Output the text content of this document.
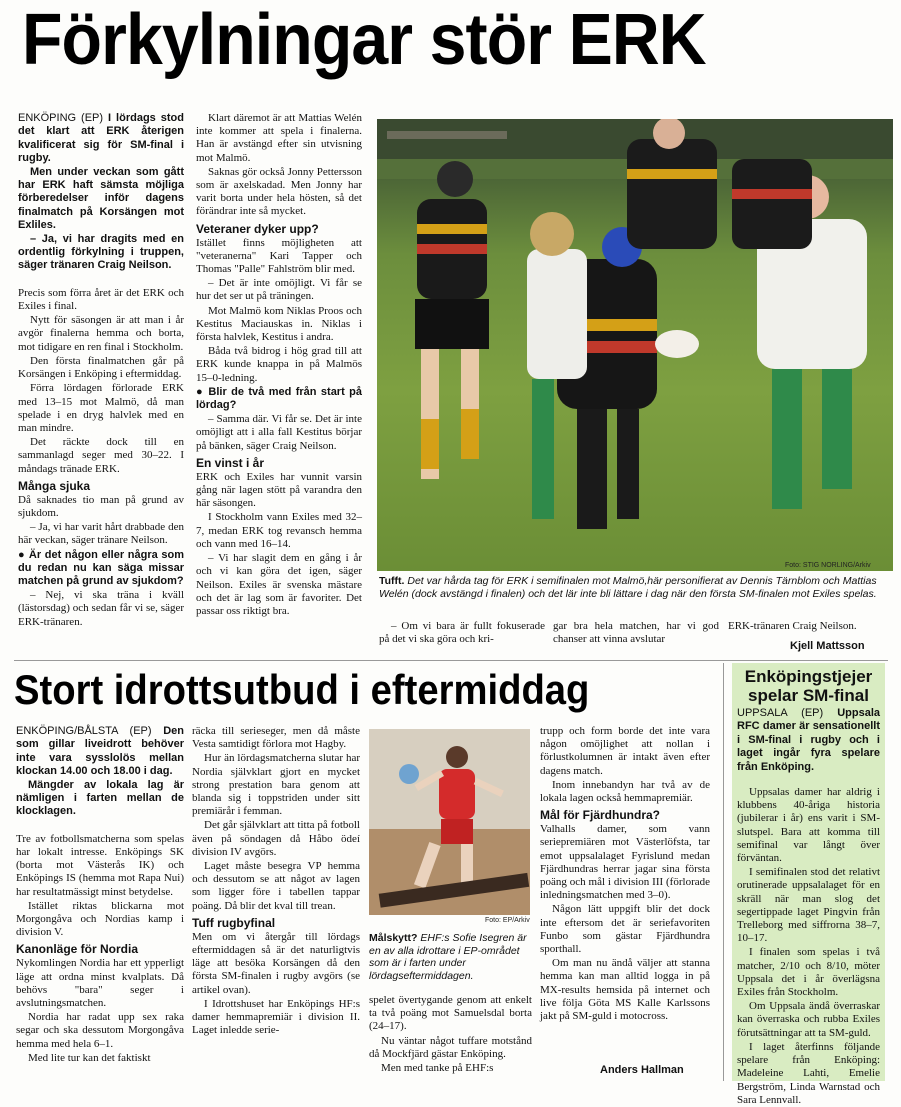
Förkylningar stör ERK
ENKÖPING (EP) I lördags stod det klart att ERK återigen kvalificerat sig för SM-final i rugby.
Men under veckan som gått har ERK haft sämsta möjliga förberedelser inför dagens finalmatch på Korsängen mot Exliles.
– Ja, vi har dragits med en ordentlig förkylning i truppen, säger tränaren Craig Neilson.

Precis som förra året är det ERK och Exiles i final.

Nytt för säsongen är att man i år avgör finalerna hemma och borta, mot tidigare en ren final i Stockholm.

Den första finalmatchen går på Korsängen i Enköping i eftermiddag.

Förra lördagen förlorade ERK med 13–15 mot Malmö, då man spelade i en dryg halvlek med en man mindre.

Det räckte dock till en sammanlagd seger med 30–22. I måndags tränade ERK.

Många sjuka

Då saknades tio man på grund av sjukdom.

– Ja, vi har varit hårt drabbade den här veckan, säger tränare Neilson.

● Är det någon eller några som du redan nu kan säga missar matchen på grund av sjukdom?

– Nej, vi ska träna i kväll (lästorsdag) och sedan får vi se, säger ERK-tränaren.

Klart däremot är att Mattias Welén inte kommer att spela i finalerna. Han är avstängd efter sin utvisning mot Malmö.

Saknas gör också Jonny Pettersson som är axelskadad. Men Jonny har varit borta under hela hösten, så det förändrar inte så mycket.

Veteraner dyker upp?

Istället finns möjligheten att "veteranerna" Kari Tapper och Thomas "Palle" Fahlström blir med.

– Det är inte omöjligt. Vi får se hur det ser ut på träningen.

Mot Malmö kom Niklas Proos och Kestitus Maciauskas in. Niklas i första halvlek, Kestitus i andra.

Båda två bidrog i hög grad till att ERK kunde knappa in på Malmös 15–0-ledning.

● Blir de två med från start på lördag?

– Samma där. Vi får se. Det är inte omöjligt att i alla fall Kestitus börjar på bänken, säger Craig Neilson.

En vinst i år

ERK och Exiles har vunnit varsin gång när lagen stött på varandra den här säsongen.

I Stockholm vann Exiles med 32–7, medan ERK tog revansch hemma och vann med 16–14.

– Vi har slagit dem en gång i år och vi kan göra det igen, säger Neilson. Exiles är svenska mästare och det är lag som är favoriter. Det passar oss riktigt bra.

Foto: STIG NORLING/Arkiv
Tufft. Det var hårda tag för ERK i semifinalen mot Malmö,här personifierat av Dennis Tärnblom och Mattias Welén (dock avstängd i finalen) och det lär inte bli lättare i dag när den första SM-finalen mot Exiles spelas.

– Om vi bara är fullt fokuserade på det vi ska göra och kri-

gar bra hela matchen, har vi god chanser att vinna avslutar

ERK-tränaren Craig Neilson.

Kjell Mattsson
Stort idrottsutbud i eftermiddag
ENKÖPING/BÅLSTA (EP) Den som gillar liveidrott behöver inte vara sysslolös mellan klockan 14.00 och 18.00 i dag.
Mängder av lokala lag är nämligen i farten mellan de klocklagen.

Tre av fotbollsmatcherna som spelas har lokalt intresse. Enköpings SK (borta mot Västerås IK) och Enköpings IS (hemma mot Rapa Nui) har resultatmässigt minst betydelse.

Istället riktas blickarna mot Morgongåva och Nordias kamp i division V.

Kanonläge för Nordia

Nykomlingen Nordia har ett ypperligt läge att ordna minst kvalplats. Då behövs "bara" seger i avslutningsmatchen.

Nordia har radat upp sex raka segar och ska dessutom Morgongåva hemma med hela 6–1.

Med lite tur kan det faktiskt

räcka till serieseger, men då måste Vesta samtidigt förlora mot Hagby.

Hur än lördagsmatcherna slutar har Nordia självklart gjort en mycket strong prestation bara genom att blanda sig i toppstriden under sitt premiärår i femman.

Det går självklart att titta på fotboll även på söndagen då Håbo ödeí division IV avgörs.

Laget måste besegra VP hemma och dessutom se att något av lagen som ligger före i tabellen tappar poäng. Då blir det kval till trean.

Tuff rugbyfinal

Men om vi återgår till lördags eftermiddagen så är det naturligtvis läge att besöka Korsängen då den första SM-finalen i rugby avgörs (se artikel ovan).

I Idrottshuset har Enköpings HF:s damer hemmapremiär i division II. Laget inledde serie-

Foto: EP/Arkiv
Målskytt? EHF:s Sofie Isegren är en av alla idrottare i EP-området som är i farten under lördagseftermiddagen.

spelet övertygande genom att enkelt ta två poäng mot Samuelsdal borta (24–17).

Nu väntar något tuffare motstånd då Mockfjärd gästar Enköping.

Men med tanke på EHF:s

trupp och form borde det inte vara någon omöjlighet att nollan i förlustkolumnen är intakt även efter dagens match.

Inom innebandyn har två av de lokala lagen också hemmapremiär.

Mål för Fjärdhundra?

Valhalls damer, som vann seriepremiären mot Västerlöfsta, tar emot uppsalalaget Fyrislund medan Fjärdhundras herrar jagar sina första poäng och mål i division III (förlorade inledningsmatchen med 3–0).

Någon lätt uppgift blir det dock inte eftersom det är seriefavoriten Funbo som gästar Fjärdhundra sporthall.

Om man nu ändå väljer att stanna hemma kan man alltid logga in på MX-results hemsida på internet och live följa Göta MS Kalle Karlssons jakt på SM-guld i motocross.

Anders Hallman
Enköpingstjejer spelar SM-final
UPPSALA (EP) Uppsala RFC damer är sensationellt i SM-final i rugby och i laget ingår fyra spelare från Enköping.

Uppsalas damer har aldrig i klubbens 40-åriga historia (jubilerar i år) ens varit i SM-slutspel. Bara att komma till semifinal var långt över förväntan.

I semifinalen stod det relativt orutinerade uppsalalaget för en skräll när man slog det segertippade laget Pingvin från Trelleborg med siffrorna 38–7, 10–17.

I finalen som spelas i två matcher, 2/10 och 8/10, möter Uppsala det i år överlägsna Exiles från Stockholm.

Om Uppsala ändå överraskar kan överraska och rubba Exiles förutsättningar att ta SM-guld.

I laget återfinns följande spelare från Enköping: Madeleine Lahti, Emelie Bergström, Linda Warnstad och Sara Lennvall.
